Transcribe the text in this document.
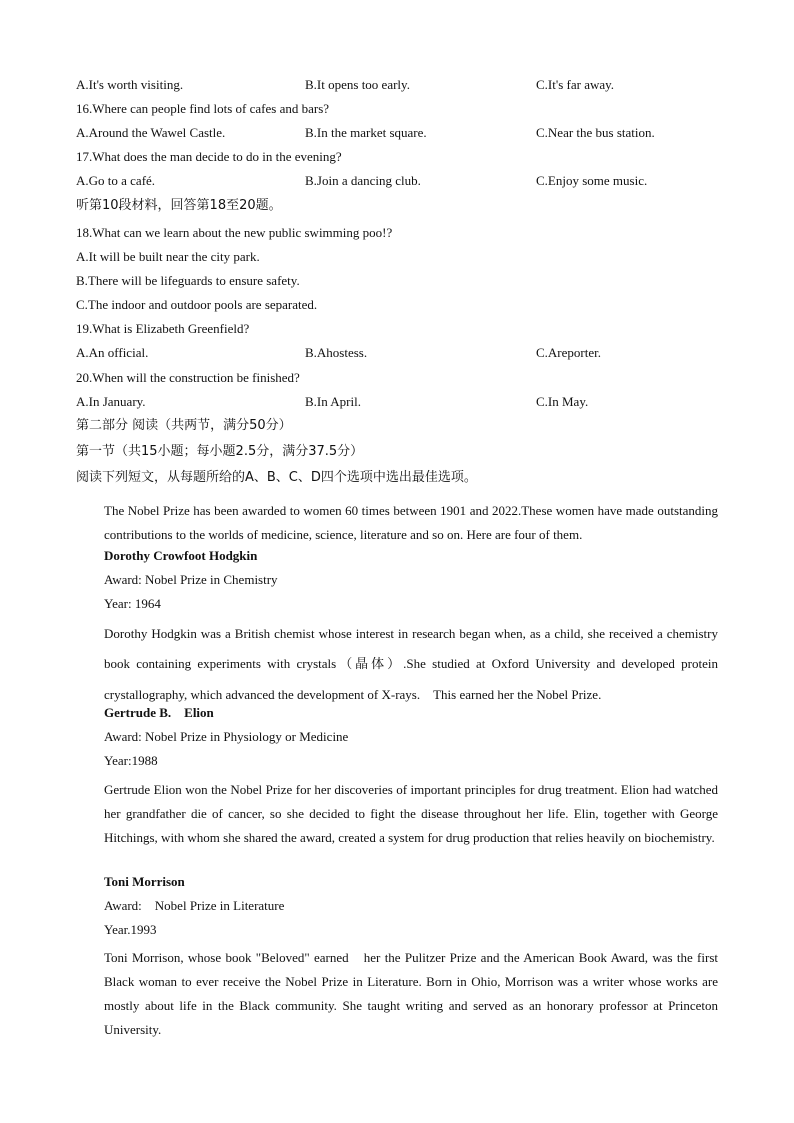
A.It's worth visiting.	B.It opens too early.	C.It's far away.
16.Where can people find lots of cafes and bars?
A.Around the Wawel Castle.	B.In the market square.	C.Near the bus station.
17.What does the man decide to do in the evening?
A.Go to a café.	B.Join a dancing club.	C.Enjoy some music.
听第10段材料，回答第18至20题。
18.What can we learn about the new public swimming poo!?
A.It will be built near the city park.
B.There will be lifeguards to ensure safety.
C.The indoor and outdoor pools are separated.
19.What is Elizabeth Greenfield?
A.An official.	B.Ahostess.	C.Areporter.
20.When will the construction be finished?
A.In January.	B.In April.	C.In May.
第二部分 阅读（共两节，满分50分）
第一节（共15小题；每小题2.5分，满分37.5分）
阅读下列短文，从每题所给的A、B、C、D四个选项中选出最佳选项。

The Nobel Prize has been awarded to women 60 times between 1901 and 2022.These women have made outstanding contributions to the worlds of medicine, science, literature and so on. Here are four of them.

Dorothy Crowfoot Hodgkin
Award: Nobel Prize in Chemistry
Year: 1964

Dorothy Hodgkin was a British chemist whose interest in research began when, as a child, she received a chemistry book containing experiments with crystals（晶体）.She studied at Oxford University and developed protein crystallography, which advanced the development of X-rays.　This earned her the Nobel Prize.

Gertrude B.　Elion
Award: Nobel Prize in Physiology or Medicine
Year:1988

Gertrude Elion won the Nobel Prize for her discoveries of important principles for drug treatment. Elion had watched her grandfather die of cancer, so she decided to fight the disease throughout her life. Elin, together with George Hitchings, with whom she shared the award, created a system for drug production that relies heavily on biochemistry.

Toni Morrison
Award:　Nobel Prize in Literature
Year.1993

Toni Morrison, whose book "Beloved" earned　her the Pulitzer Prize and the American Book Award, was the first Black woman to ever receive the Nobel Prize in Literature. Born in Ohio, Morrison was a writer whose works are mostly about life in the Black community. She taught writing and served as an honorary professor at Princeton University.
